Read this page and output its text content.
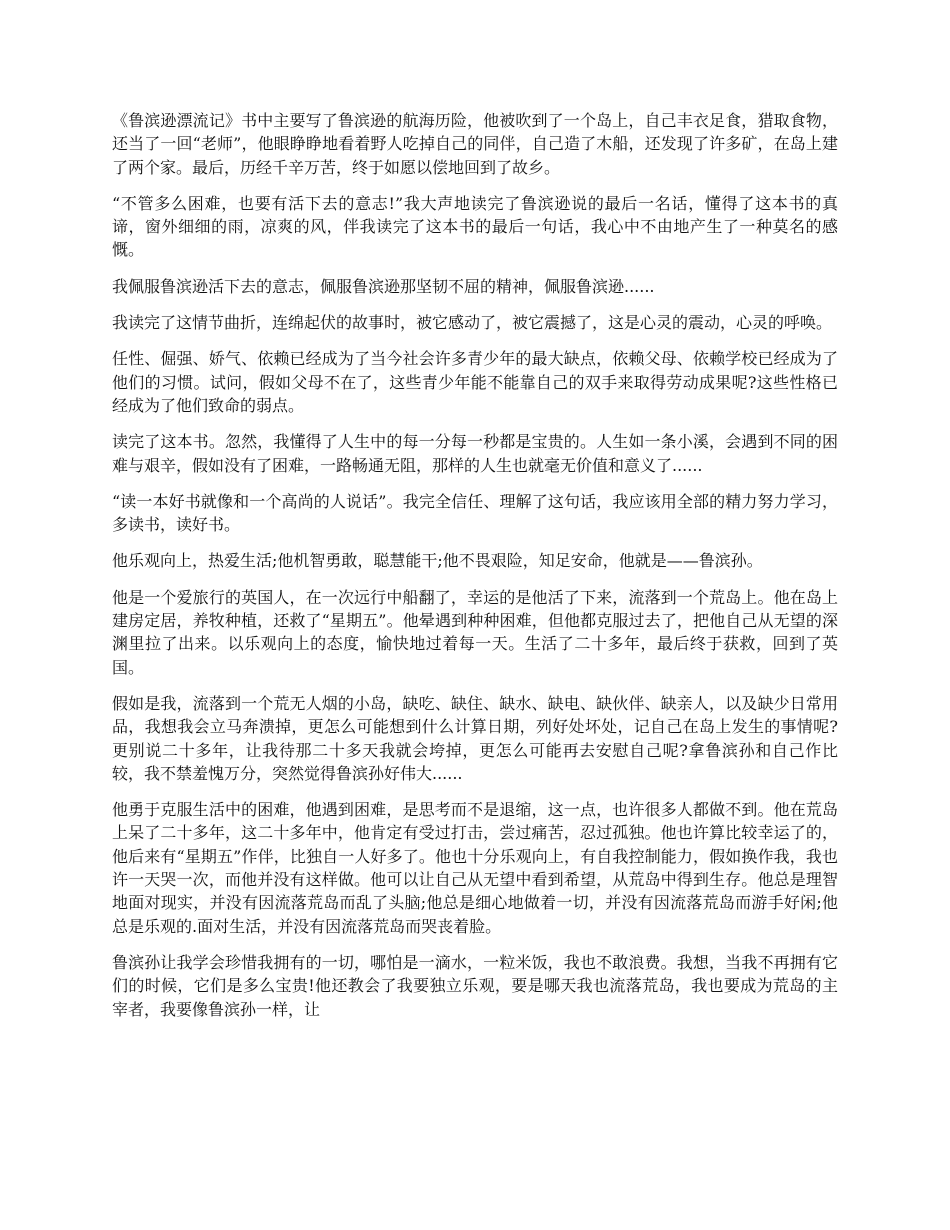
《鲁滨逊漂流记》书中主要写了鲁滨逊的航海历险，他被吹到了一个岛上，自己丰衣足食，猎取食物，还当了一回“老师”，他眼睁睁地看着野人吃掉自己的同伴，自己造了木船，还发现了许多矿，在岛上建了两个家。最后，历经千辛万苦，终于如愿以偿地回到了故乡。

“不管多么困难，也要有活下去的意志!”我大声地读完了鲁滨逊说的最后一名话，懂得了这本书的真谛，窗外细细的雨，凉爽的风，伴我读完了这本书的最后一句话，我心中不由地产生了一种莫名的感慨。

我佩服鲁滨逊活下去的意志，佩服鲁滨逊那坚韧不屈的精神，佩服鲁滨逊......

我读完了这情节曲折，连绵起伏的故事时，被它感动了，被它震撼了，这是心灵的震动，心灵的呼唤。

任性、倔强、娇气、依赖已经成为了当今社会许多青少年的最大缺点，依赖父母、依赖学校已经成为了他们的习惯。试问，假如父母不在了，这些青少年能不能靠自己的双手来取得劳动成果呢?这些性格已经成为了他们致命的弱点。

读完了这本书。忽然，我懂得了人生中的每一分每一秒都是宝贵的。人生如一条小溪，会遇到不同的困难与艰辛，假如没有了困难，一路畅通无阻，那样的人生也就毫无价值和意义了......

“读一本好书就像和一个高尚的人说话”。我完全信任、理解了这句话，我应该用全部的精力努力学习，多读书，读好书。

他乐观向上，热爱生活;他机智勇敢，聪慧能干;他不畏艰险，知足安命，他就是——鲁滨孙。

他是一个爱旅行的英国人，在一次远行中船翻了，幸运的是他活了下来，流落到一个荒岛上。他在岛上建房定居，养牧种植，还救了“星期五”。他晕遇到种种困难，但他都克服过去了，把他自己从无望的深渊里拉了出来。以乐观向上的态度，愉快地过着每一天。生活了二十多年，最后终于获救，回到了英国。

假如是我，流落到一个荒无人烟的小岛，缺吃、缺住、缺水、缺电、缺伙伴、缺亲人，以及缺少日常用品，我想我会立马奔溃掉，更怎么可能想到什么计算日期，列好处坏处，记自己在岛上发生的事情呢?更别说二十多年，让我待那二十多天我就会垮掉，更怎么可能再去安慰自己呢?拿鲁滨孙和自己作比较，我不禁羞愧万分，突然觉得鲁滨孙好伟大......

他勇于克服生活中的困难，他遇到困难，是思考而不是退缩，这一点，也许很多人都做不到。他在荒岛上呆了二十多年，这二十多年中，他肯定有受过打击，尝过痛苦，忍过孤独。他也许算比较幸运了的，他后来有“星期五”作伴，比独自一人好多了。他也十分乐观向上，有自我控制能力，假如换作我，我也许一天哭一次，而他并没有这样做。他可以让自己从无望中看到希望，从荒岛中得到生存。他总是理智地面对现实，并没有因流落荒岛而乱了头脑;他总是细心地做着一切，并没有因流落荒岛而游手好闲;他总是乐观的.面对生活，并没有因流落荒岛而哭丧着脸。

鲁滨孙让我学会珍惜我拥有的一切，哪怕是一滴水，一粒米饭，我也不敢浪费。我想，当我不再拥有它们的时候，它们是多么宝贵!他还教会了我要独立乐观，要是哪天我也流落荒岛，我也要成为荒岛的主宰者，我要像鲁滨孙一样，让
